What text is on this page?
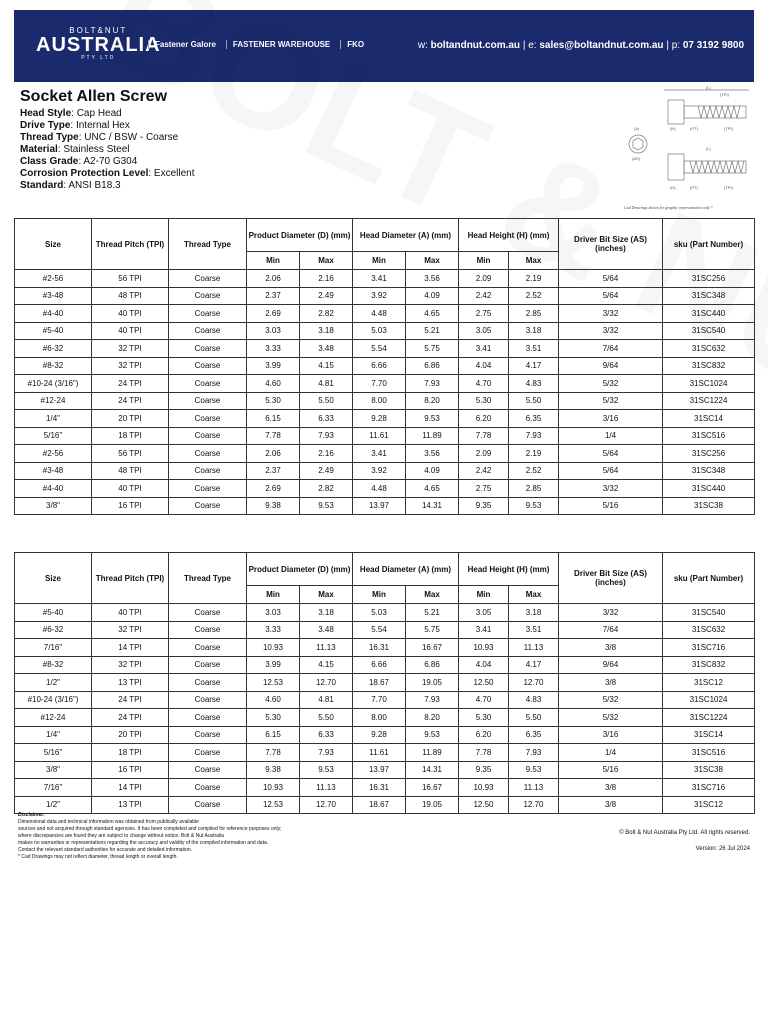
BOLT&NUT
AUSTRALIA
PTY LTD
Fastener Galore	FASTENER WAREHOUSE	FKO	w: boltandnut.com.au | e: sales@boltandnut.com.au | p: 07 3192 9800
Socket Allen Screw
Head Style: Cap Head
Drive Type: Internal Hex
Thread Type: UNC / BSW - Coarse
Material: Stainless Steel
Class Grade: A2-70 G304
Corrosion Protection Level: Excellent
Standard: ANSI B18.3
(L)
(TPI)
(A)
(AS)
(H)	(PT)	(TPI)
(L)
(H)	(PT)	(TPI)
Cad Drawings shown for graphic representation only *
Size	Thread Pitch (TPI)	Thread Type	Product Diameter (D) (mm)		Head Diameter (A) (mm)		Head Height (H) (mm)		Driver Bit Size (AS) (inches)	sku (Part Number)
			Min	Max	Min	Max	Min	Max		
#2-56	56 TPI	Coarse	2.06	2.16	3.41	3.56	2.09	2.19	5/64	31SC256
#3-48	48 TPI	Coarse	2.37	2.49	3.92	4.09	2.42	2.52	5/64	31SC348
#4-40	40 TPI	Coarse	2.69	2.82	4.48	4.65	2.75	2.85	3/32	31SC440
#5-40	40 TPI	Coarse	3.03	3.18	5.03	5.21	3.05	3.18	3/32	31SC540
#6-32	32 TPI	Coarse	3.33	3.48	5.54	5.75	3.41	3.51	7/64	31SC632
#8-32	32 TPI	Coarse	3.99	4.15	6.66	6.86	4.04	4.17	9/64	31SC832
#10-24 (3/16")	24 TPI	Coarse	4.60	4.81	7.70	7.93	4.70	4.83	5/32	31SC1024
#12-24	24 TPI	Coarse	5.30	5.50	8.00	8.20	5.30	5.50	5/32	31SC1224
1/4"	20 TPI	Coarse	6.15	6.33	9.28	9.53	6.20	6.35	3/16	31SC14
5/16"	18 TPI	Coarse	7.78	7.93	11.61	11.89	7.78	7.93	1/4	31SC516
#2-56	56 TPI	Coarse	2.06	2.16	3.41	3.56	2.09	2.19	5/64	31SC256
#3-48	48 TPI	Coarse	2.37	2.49	3.92	4.09	2.42	2.52	5/64	31SC348
#4-40	40 TPI	Coarse	2.69	2.82	4.48	4.65	2.75	2.85	3/32	31SC440
3/8"	16 TPI	Coarse	9.38	9.53	13.97	14.31	9.35	9.53	5/16	31SC38
Size	Thread Pitch (TPI)	Thread Type	Product Diameter (D) (mm)		Head Diameter (A) (mm)		Head Height (H) (mm)		Driver Bit Size (AS) (inches)	sku (Part Number)
			Min	Max	Min	Max	Min	Max		
#5-40	40 TPI	Coarse	3.03	3.18	5.03	5.21	3.05	3.18	3/32	31SC540
#6-32	32 TPI	Coarse	3.33	3.48	5.54	5.75	3.41	3.51	7/64	31SC632
7/16"	14 TPI	Coarse	10.93	11.13	16.31	16.67	10.93	11.13	3/8	31SC716
#8-32	32 TPI	Coarse	3.99	4.15	6.66	6.86	4.04	4.17	9/64	31SC832
1/2"	13 TPI	Coarse	12.53	12.70	18.67	19.05	12.50	12.70	3/8	31SC12
#10-24 (3/16")	24 TPI	Coarse	4.60	4.81	7.70	7.93	4.70	4.83	5/32	31SC1024
#12-24	24 TPI	Coarse	5.30	5.50	8.00	8.20	5.30	5.50	5/32	31SC1224
1/4"	20 TPI	Coarse	6.15	6.33	9.28	9.53	6.20	6.35	3/16	31SC14
5/16"	18 TPI	Coarse	7.78	7.93	11.61	11.89	7.78	7.93	1/4	31SC516
3/8"	16 TPI	Coarse	9.38	9.53	13.97	14.31	9.35	9.53	5/16	31SC38
7/16"	14 TPI	Coarse	10.93	11.13	16.31	16.67	10.93	11.13	3/8	31SC716
1/2"	13 TPI	Coarse	12.53	12.70	18.67	19.05	12.50	12.70	3/8	31SC12
Disclaimer:
Dimensional data and technical information was obtained from publically available
sources and not acquired through standard agencies. It has been completed and compiled for reference purposes only;
where discrepancies are found they are subject to change without notice. Bolt & Nut Australia
makes no warranties or representations regarding the accuracy and validity of the compiled information and data.
Contact the relevant standard authorities for accurate and detailed information.
* Cad Drawings may not reflect diameter, thread length or overall length.
© Bolt & Nut Australia Pty Ltd. All rights reserved.
Version: 26 Jul 2024
